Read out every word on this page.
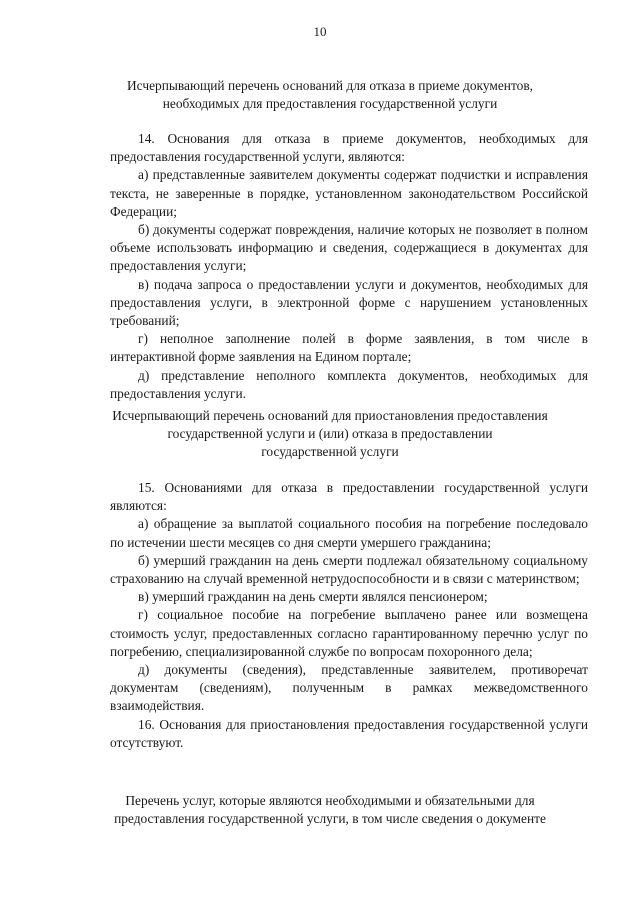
10
Исчерпывающий перечень оснований для отказа в приеме документов,
необходимых для предоставления государственной услуги

14. Основания для отказа в приеме документов, необходимых для предоставления государственной услуги, являются:

а) представленные заявителем документы содержат подчистки и исправления текста, не заверенные в порядке, установленном законодательством Российской Федерации;

б) документы содержат повреждения, наличие которых не позволяет в полном объеме использовать информацию и сведения, содержащиеся в документах для предоставления услуги;

в) подача запроса о предоставлении услуги и документов, необходимых для предоставления услуги, в электронной форме с нарушением установленных требований;

г) неполное заполнение полей в форме заявления, в том числе в интерактивной форме заявления на Едином портале;

д) представление неполного комплекта документов, необходимых для предоставления услуги.

Исчерпывающий перечень оснований для приостановления предоставления
государственной услуги и (или) отказа в предоставлении
государственной услуги

15. Основаниями для отказа в предоставлении государственной услуги являются:

а) обращение за выплатой социального пособия на погребение последовало по истечении шести месяцев со дня смерти умершего гражданина;

б) умерший гражданин на день смерти подлежал обязательному социальному страхованию на случай временной нетрудоспособности и в связи с материнством;

в) умерший гражданин на день смерти являлся пенсионером;

г) социальное пособие на погребение выплачено ранее или возмещена стоимость услуг, предоставленных согласно гарантированному перечню услуг по погребению, специализированной службе по вопросам похоронного дела;

д) документы (сведения), представленные заявителем, противоречат документам (сведениям), полученным в рамках межведомственного взаимодействия.

16. Основания для приостановления предоставления государственной услуги отсутствуют.

Перечень услуг, которые являются необходимыми и обязательными для
предоставления государственной услуги, в том числе сведения о документе
